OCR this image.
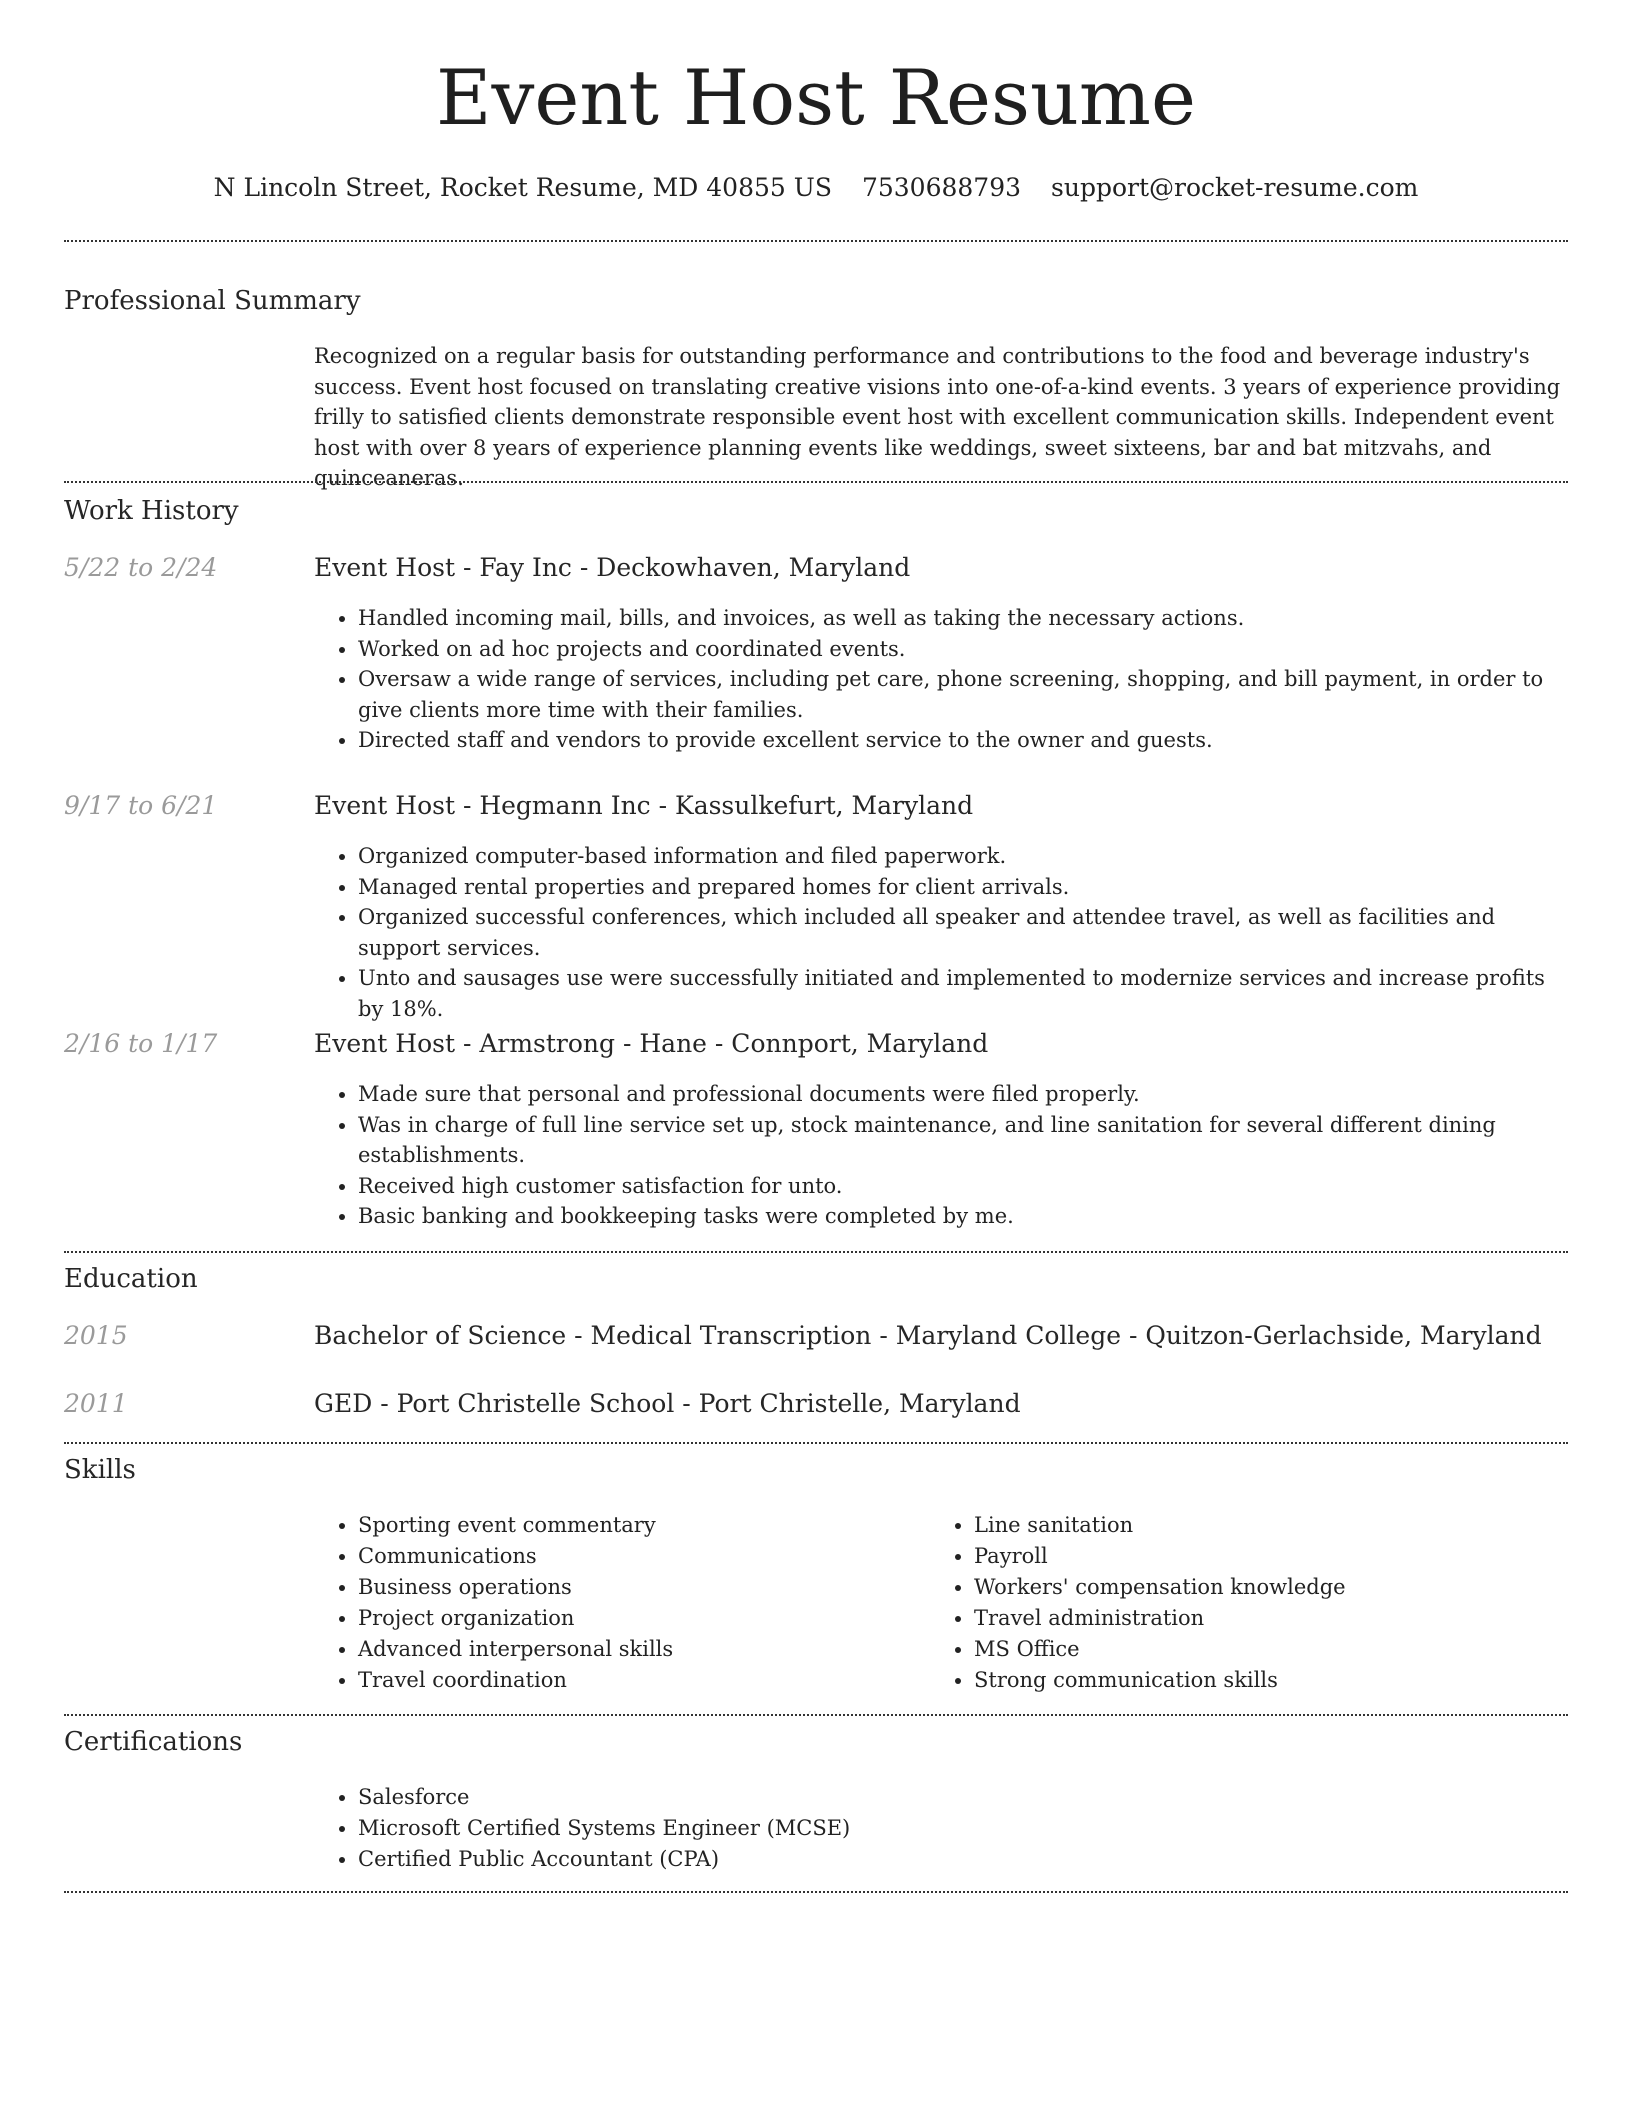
Event Host Resume
N Lincoln Street, Rocket Resume, MD 40855 US 7530688793 support@rocket-resume.com
Professional Summary

Recognized on a regular basis for outstanding performance and contributions to the food and beverage industry's success. Event host focused on translating creative visions into one-of-a-kind events. 3 years of experience providing frilly to satisfied clients demonstrate responsible event host with excellent communication skills. Independent event host with over 8 years of experience planning events like weddings, sweet sixteens, bar and bat mitzvahs, and quinceaneras.

Work History
5/22 to 2/24	Event Host - Fay Inc - Deckowhaven, Maryland
• Handled incoming mail, bills, and invoices, as well as taking the necessary actions.
• Worked on ad hoc projects and coordinated events.
• Oversaw a wide range of services, including pet care, phone screening, shopping, and bill payment, in order to give clients more time with their families.
• Directed staff and vendors to provide excellent service to the owner and guests.
9/17 to 6/21	Event Host - Hegmann Inc - Kassulkefurt, Maryland
• Organized computer-based information and filed paperwork.
• Managed rental properties and prepared homes for client arrivals.
• Organized successful conferences, which included all speaker and attendee travel, as well as facilities and support services.
• Unto and sausages use were successfully initiated and implemented to modernize services and increase profits by 18%.
2/16 to 1/17	Event Host - Armstrong - Hane - Connport, Maryland
• Made sure that personal and professional documents were filed properly.
• Was in charge of full line service set up, stock maintenance, and line sanitation for several different dining establishments.
• Received high customer satisfaction for unto.
• Basic banking and bookkeeping tasks were completed by me.
Education
2015	Bachelor of Science - Medical Transcription - Maryland College - Quitzon-Gerlachside, Maryland
2011	GED - Port Christelle School - Port Christelle, Maryland
Skills
• Sporting event commentary
• Communications
• Business operations
• Project organization
• Advanced interpersonal skills
• Travel coordination
• Line sanitation
• Payroll
• Workers' compensation knowledge
• Travel administration
• MS Office
• Strong communication skills
Certifications
• Salesforce
• Microsoft Certified Systems Engineer (MCSE)
• Certified Public Accountant (CPA)
